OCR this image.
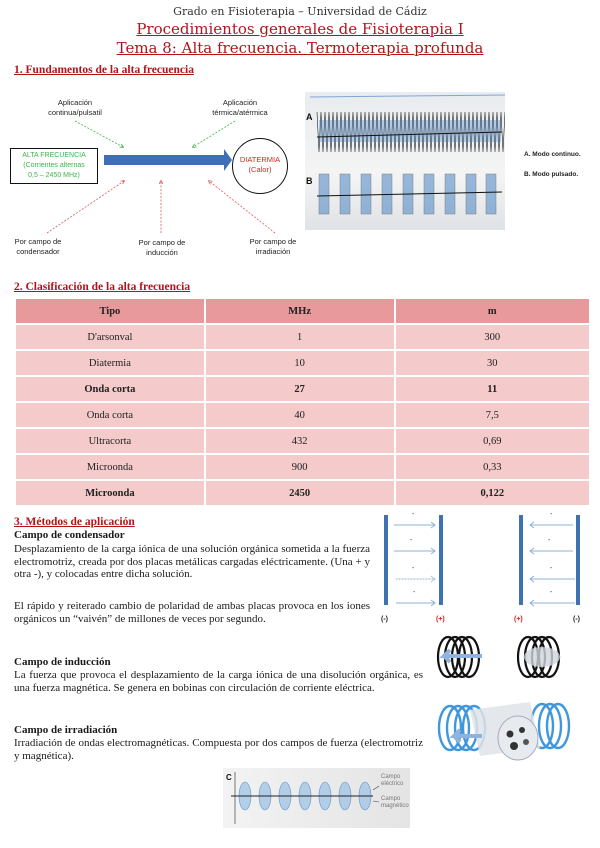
Grado en Fisioterapia – Universidad de Cádiz
Procedimientos generales de Fisioterapia I
Tema 8: Alta frecuencia. Termoterapia profunda
1. Fundamentos de la alta frecuencia
Aplicación
continua/pulsatil
Aplicación
térmica/atérmica
Por campo de
condensador
Por campo de
inducción
Por campo de
irradiación
ALTA FRECUENCIA
(Corrientes alternas
0,5 – 2450 MHz)
DIATERMIA
(Calor)
A
B
A. Modo continuo.
B. Modo pulsado.
2. Clasificación de la alta frecuencia
Tipo	MHz	m
D'arsonval	1	300
Diatermia	10	30
Onda corta	27	11
Onda corta	40	7,5
Ultracorta	432	0,69
Microonda	900	0,33
Microonda	2450	0,122
3. Métodos de aplicación
Campo de condensador
Desplazamiento de la carga iónica de una solución orgánica sometida a la fuerza electromotriz, creada por dos placas metálicas cargadas eléctricamente. (Una + y otra -), y colocadas entre dicha solución.
El rápido y reiterado cambio de polaridad de ambas placas provoca en los iones orgánicos un “vaivén” de millones de veces por segundo.
Campo de inducción
La fuerza que provoca el desplazamiento de la carga iónica de una disolución orgánica, es una fuerza magnética. Se genera en bobinas con circulación de corriente eléctrica.
Campo de irradiación
Irradiación de ondas electromagnéticas. Compuesta por dos campos de fuerza (electromotriz y magnética).
-
-
-
-
-
-
-
-
(-)	(+)	(+)	(-)
C	Campo
eléctrico
Campo
magnético
